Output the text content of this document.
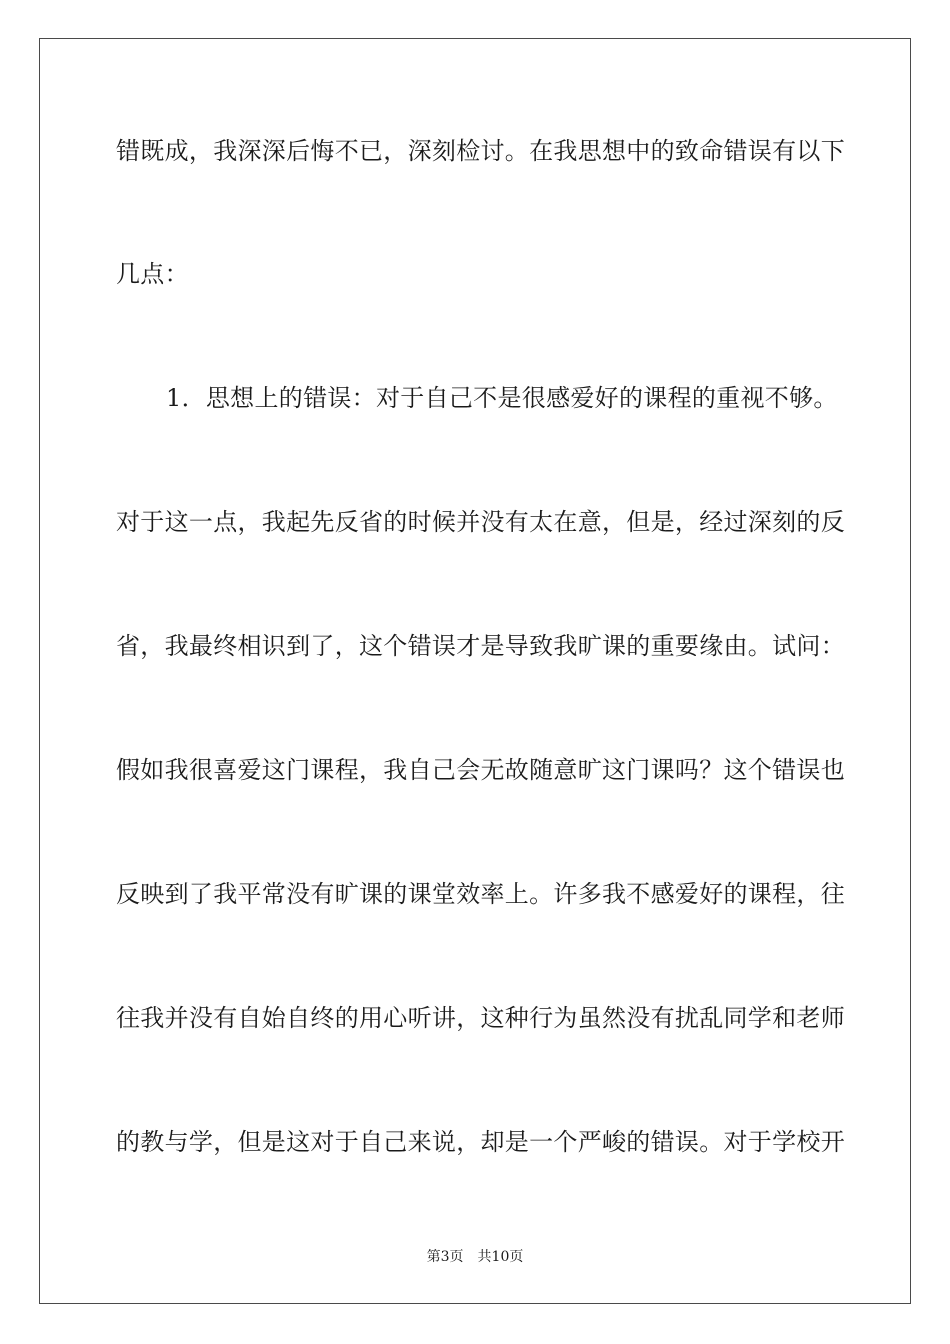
错既成，我深深后悔不已，深刻检讨。在我思想中的致命错误有以下
几点：
1．思想上的错误：对于自己不是很感爱好的课程的重视不够。
对于这一点，我起先反省的时候并没有太在意，但是，经过深刻的反
省，我最终相识到了，这个错误才是导致我旷课的重要缘由。试问：
假如我很喜爱这门课程，我自己会无故随意旷这门课吗？这个错误也
反映到了我平常没有旷课的课堂效率上。许多我不感爱好的课程，往
往我并没有自始自终的用心听讲，这种行为虽然没有扰乱同学和老师
的教与学，但是这对于自己来说，却是一个严峻的错误。对于学校开
第3页 共10页
